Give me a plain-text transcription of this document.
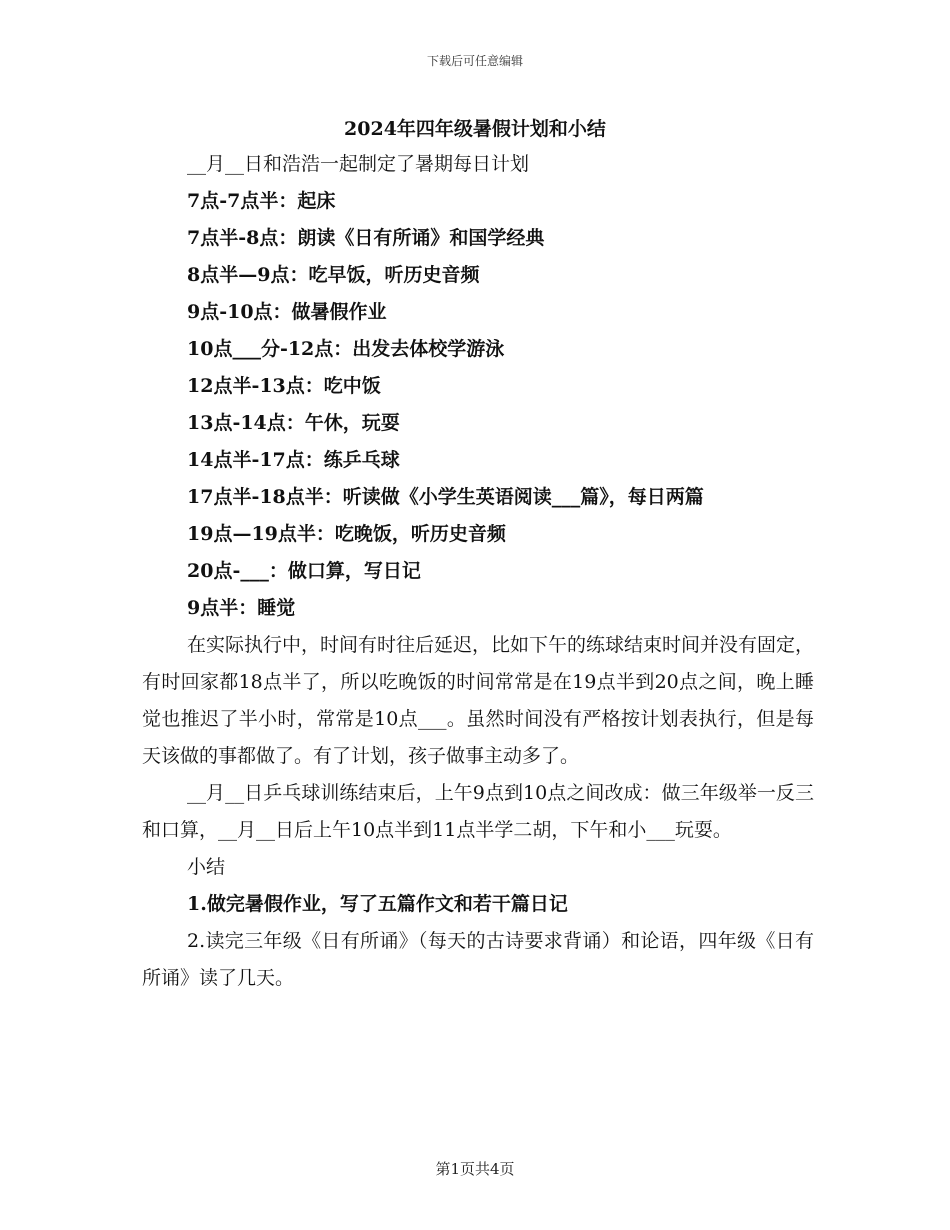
下载后可任意编辑
2024年四年级暑假计划和小结
__月__日和浩浩一起制定了暑期每日计划
7点-7点半：起床
7点半-8点：朗读《日有所诵》和国学经典
8点半—9点：吃早饭，听历史音频
9点-10点：做暑假作业
10点___分-12点：出发去体校学游泳
12点半-13点：吃中饭
13点-14点：午休，玩耍
14点半-17点：练乒乓球
17点半-18点半：听读做《小学生英语阅读___篇》，每日两篇
19点—19点半：吃晚饭，听历史音频
20点-___：做口算，写日记
9点半：睡觉
在实际执行中，时间有时往后延迟，比如下午的练球结束时间并没有固定，有时回家都18点半了，所以吃晚饭的时间常常是在19点半到20点之间，晚上睡觉也推迟了半小时，常常是10点___。虽然时间没有严格按计划表执行，但是每天该做的事都做了。有了计划，孩子做事主动多了。
__月__日乒乓球训练结束后，上午9点到10点之间改成：做三年级举一反三和口算，__月__日后上午10点半到11点半学二胡，下午和小___玩耍。
小结
1.做完暑假作业，写了五篇作文和若干篇日记
2.读完三年级《日有所诵》（每天的古诗要求背诵）和论语，四年级《日有所诵》读了几天。
第1页共4页
